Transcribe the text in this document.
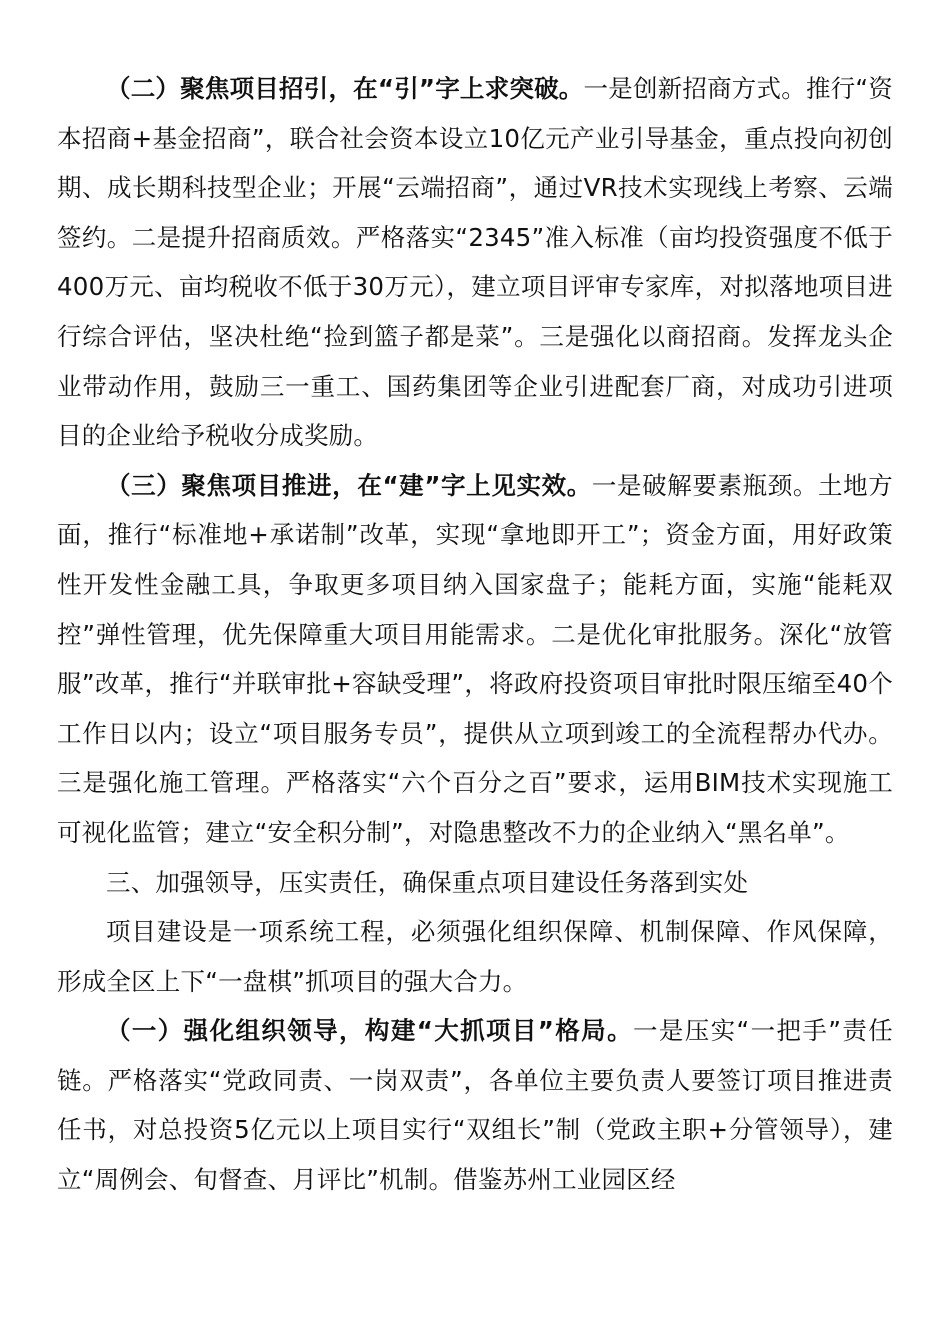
（二）聚焦项目招引，在“引”字上求突破。一是创新招商方式。推行“资本招商+基金招商”，联合社会资本设立10亿元产业引导基金，重点投向初创期、成长期科技型企业；开展“云端招商”，通过VR技术实现线上考察、云端签约。二是提升招商质效。严格落实“2345”准入标准（亩均投资强度不低于400万元、亩均税收不低于30万元），建立项目评审专家库，对拟落地项目进行综合评估，坚决杜绝“捡到篮子都是菜”。三是强化以商招商。发挥龙头企业带动作用，鼓励三一重工、国药集团等企业引进配套厂商，对成功引进项目的企业给予税收分成奖励。

（三）聚焦项目推进，在“建”字上见实效。一是破解要素瓶颈。土地方面，推行“标准地+承诺制”改革，实现“拿地即开工”；资金方面，用好政策性开发性金融工具，争取更多项目纳入国家盘子；能耗方面，实施“能耗双控”弹性管理，优先保障重大项目用能需求。二是优化审批服务。深化“放管服”改革，推行“并联审批+容缺受理”，将政府投资项目审批时限压缩至40个工作日以内；设立“项目服务专员”，提供从立项到竣工的全流程帮办代办。三是强化施工管理。严格落实“六个百分之百”要求，运用BIM技术实现施工可视化监管；建立“安全积分制”，对隐患整改不力的企业纳入“黑名单”。

三、加强领导，压实责任，确保重点项目建设任务落到实处

项目建设是一项系统工程，必须强化组织保障、机制保障、作风保障，形成全区上下“一盘棋”抓项目的强大合力。

（一）强化组织领导，构建“大抓项目”格局。一是压实“一把手”责任链。严格落实“党政同责、一岗双责”，各单位主要负责人要签订项目推进责任书，对总投资5亿元以上项目实行“双组长”制（党政主职+分管领导），建立“周例会、旬督查、月评比”机制。借鉴苏州工业园区经
